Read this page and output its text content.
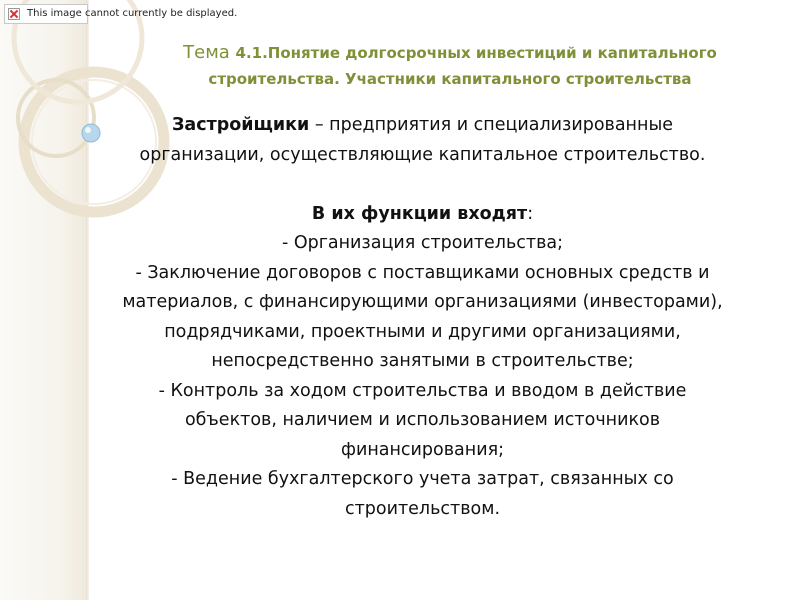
This image cannot currently be displayed.
Тема 4.1.Понятие долгосрочных инвестиций и капитального строительства. Участники капитального строительства

Застройщики – предприятия и специализированные организации, осуществляющие капитальное строительство.

В их функции входят:

- Организация строительства;

- Заключение договоров с поставщиками основных средств и материалов, с финансирующими организациями (инвесторами), подрядчиками, проектными и другими организациями, непосредственно занятыми в строительстве;

- Контроль за ходом строительства и вводом в действие объектов, наличием и использованием источников финансирования;

- Ведение бухгалтерского учета затрат, связанных со строительством.
